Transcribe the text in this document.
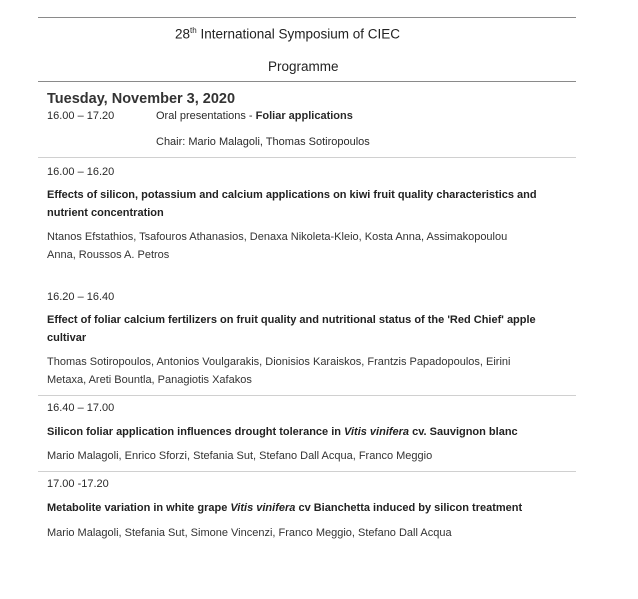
28th International Symposium of CIEC
Programme
Tuesday, November 3, 2020
16.00 – 17.20	Oral presentations - Foliar applications
Chair: Mario Malagoli, Thomas Sotiropoulos
16.00 – 16.20
Effects of silicon, potassium and calcium applications on kiwi fruit quality characteristics and
nutrient concentration
Ntanos Efstathios, Tsafouros Athanasios, Denaxa Nikoleta-Kleio, Kosta Anna, Assimakopoulou
Anna, Roussos A. Petros
16.20 – 16.40
Effect of foliar calcium fertilizers on fruit quality and nutritional status of the 'Red Chief' apple
cultivar
Thomas Sotiropoulos, Antonios Voulgarakis, Dionisios Karaiskos, Frantzis Papadopoulos, Eirini
Metaxa, Areti Bountla, Panagiotis Xafakos
16.40 – 17.00
Silicon foliar application influences drought tolerance in Vitis vinifera cv. Sauvignon blanc
Mario Malagoli, Enrico Sforzi, Stefania Sut, Stefano Dall Acqua, Franco Meggio
17.00 -17.20
Metabolite variation in white grape Vitis vinifera cv Bianchetta induced by silicon treatment
Mario Malagoli, Stefania Sut, Simone Vincenzi, Franco Meggio, Stefano Dall Acqua
